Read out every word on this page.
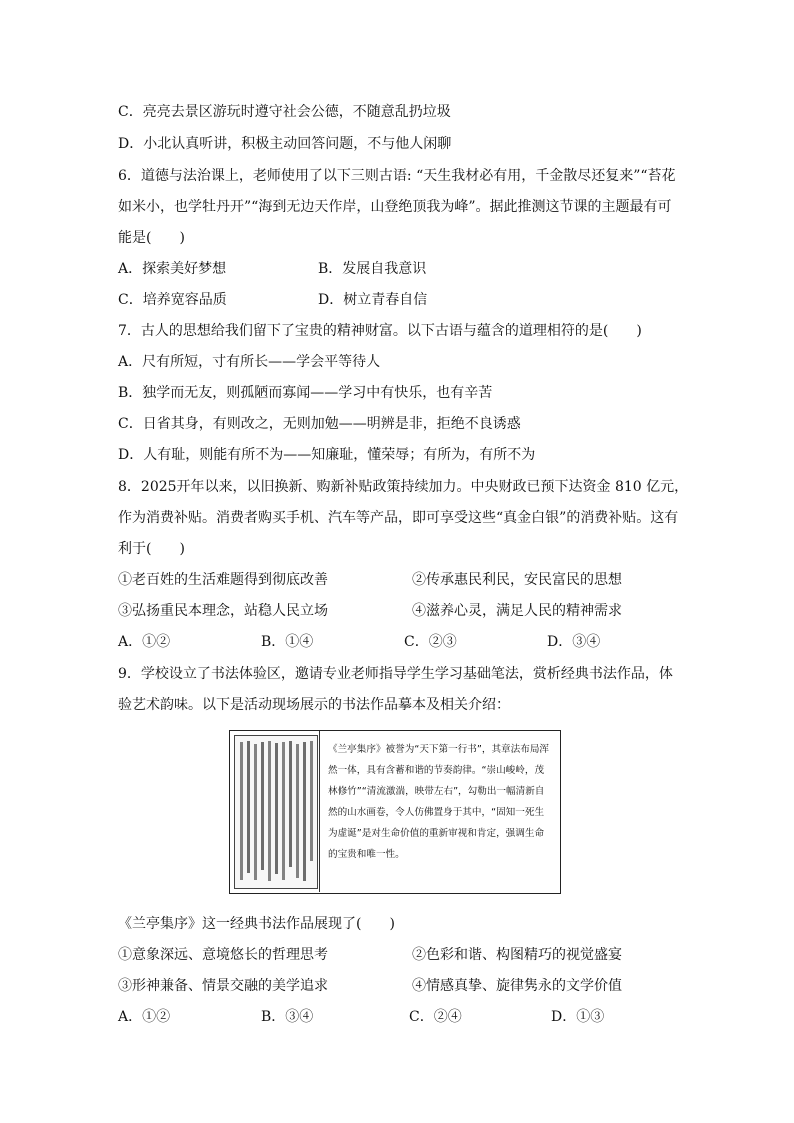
C．亮亮去景区游玩时遵守社会公德，不随意乱扔垃圾
D．小北认真听讲，积极主动回答问题，不与他人闲聊
6．道德与法治课上，老师使用了以下三则古语: “天生我材必有用，千金散尽还复来”“苔花
如米小，也学牡丹开”“海到无边天作岸，山登绝顶我为峰”。据此推测这节课的主题最有可
能是(　　)
A．探索美好梦想	B．发展自我意识
C．培养宽容品质	D．树立青春自信
7．古人的思想给我们留下了宝贵的精神财富。以下古语与蕴含的道理相符的是(　　)
A．尺有所短，寸有所长——学会平等待人
B．独学而无友，则孤陋而寡闻——学习中有快乐，也有辛苦
C．日省其身，有则改之，无则加勉——明辨是非，拒绝不良诱惑
D．人有耻，则能有所不为——知廉耻，懂荣辱；有所为，有所不为
8．2025开年以来，以旧换新、购新补贴政策持续加力。中央财政已预下达资金 810 亿元，
作为消费补贴。消费者购买手机、汽车等产品，即可享受这些“真金白银”的消费补贴。这有
利于(　　)
①老百姓的生活难题得到彻底改善	②传承惠民利民，安民富民的思想
③弘扬重民本理念，站稳人民立场	④滋养心灵，满足人民的精神需求
A．①②	B．①④	C．②③	D．③④
9．学校设立了书法体验区，邀请专业老师指导学生学习基础笔法，赏析经典书法作品，体
验艺术韵味。以下是活动现场展示的书法作品摹本及相关介绍：
《兰亭集序》被誉为“天下第一行书”，其章法布局浑然一体，具有含蓄和谐的节奏韵律。“崇山峻岭，茂林修竹”“清流激湍，映带左右”，勾勒出一幅清新自然的山水画卷，令人仿佛置身于其中，“固知一死生为虚诞”是对生命价值的重新审视和肯定，强调生命的宝贵和唯一性。
《兰亭集序》这一经典书法作品展现了(　　)
①意象深远、意境悠长的哲理思考	②色彩和谐、构图精巧的视觉盛宴
③形神兼备、情景交融的美学追求	④情感真挚、旋律隽永的文学价值
A．①②	B．③④	C．②④	D．①③
